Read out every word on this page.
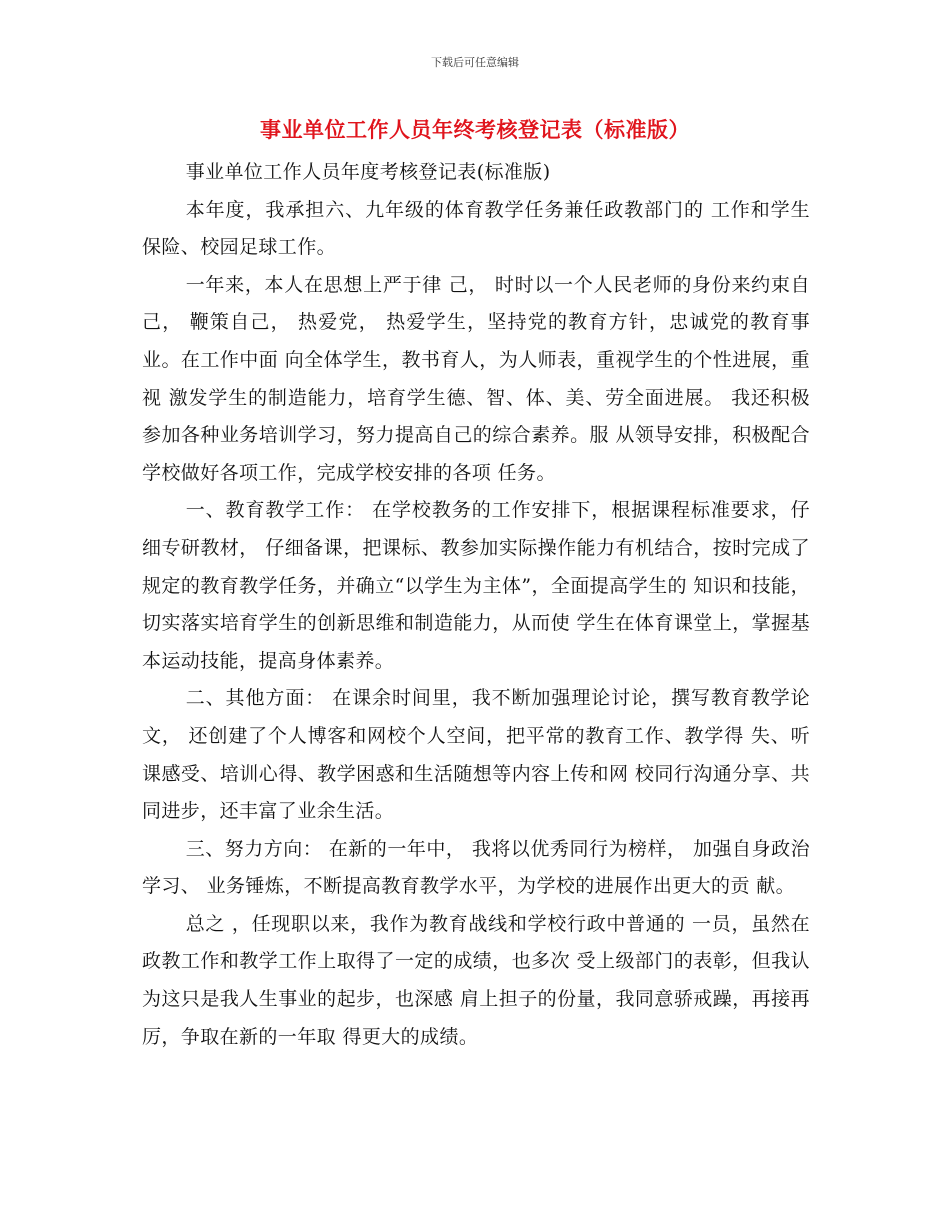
下载后可任意编辑
事业单位工作人员年终考核登记表（标准版）

事业单位工作人员年度考核登记表(标准版)

本年度，我承担六、九年级的体育教学任务兼任政教部门的 工作和学生保险、校园足球工作。

一年来，本人在思想上严于律 己， 时时以一个人民老师的身份来约束自己， 鞭策自己， 热爱党， 热爱学生，坚持党的教育方针，忠诚党的教育事业。在工作中面 向全体学生，教书育人，为人师表，重视学生的个性进展，重视 激发学生的制造能力，培育学生德、智、体、美、劳全面进展。 我还积极参加各种业务培训学习，努力提高自己的综合素养。服 从领导安排，积极配合学校做好各项工作，完成学校安排的各项 任务。

一、教育教学工作： 在学校教务的工作安排下，根据课程标准要求，仔细专研教材， 仔细备课，把课标、教参加实际操作能力有机结合，按时完成了 规定的教育教学任务，并确立“以学生为主体”，全面提高学生的 知识和技能，切实落实培育学生的创新思维和制造能力，从而使 学生在体育课堂上，掌握基本运动技能，提高身体素养。

二、其他方面： 在课余时间里，我不断加强理论讨论，撰写教育教学论文， 还创建了个人博客和网校个人空间，把平常的教育工作、教学得 失、听课感受、培训心得、教学困惑和生活随想等内容上传和网 校同行沟通分享、共同进步，还丰富了业余生活。

三、努力方向： 在新的一年中， 我将以优秀同行为榜样， 加强自身政治学习、 业务锤炼，不断提高教育教学水平，为学校的进展作出更大的贡 献。

总之 ，任现职以来，我作为教育战线和学校行政中普通的 一员，虽然在政教工作和教学工作上取得了一定的成绩，也多次 受上级部门的表彰，但我认为这只是我人生事业的起步，也深感 肩上担子的份量，我同意骄戒躁，再接再厉，争取在新的一年取 得更大的成绩。
